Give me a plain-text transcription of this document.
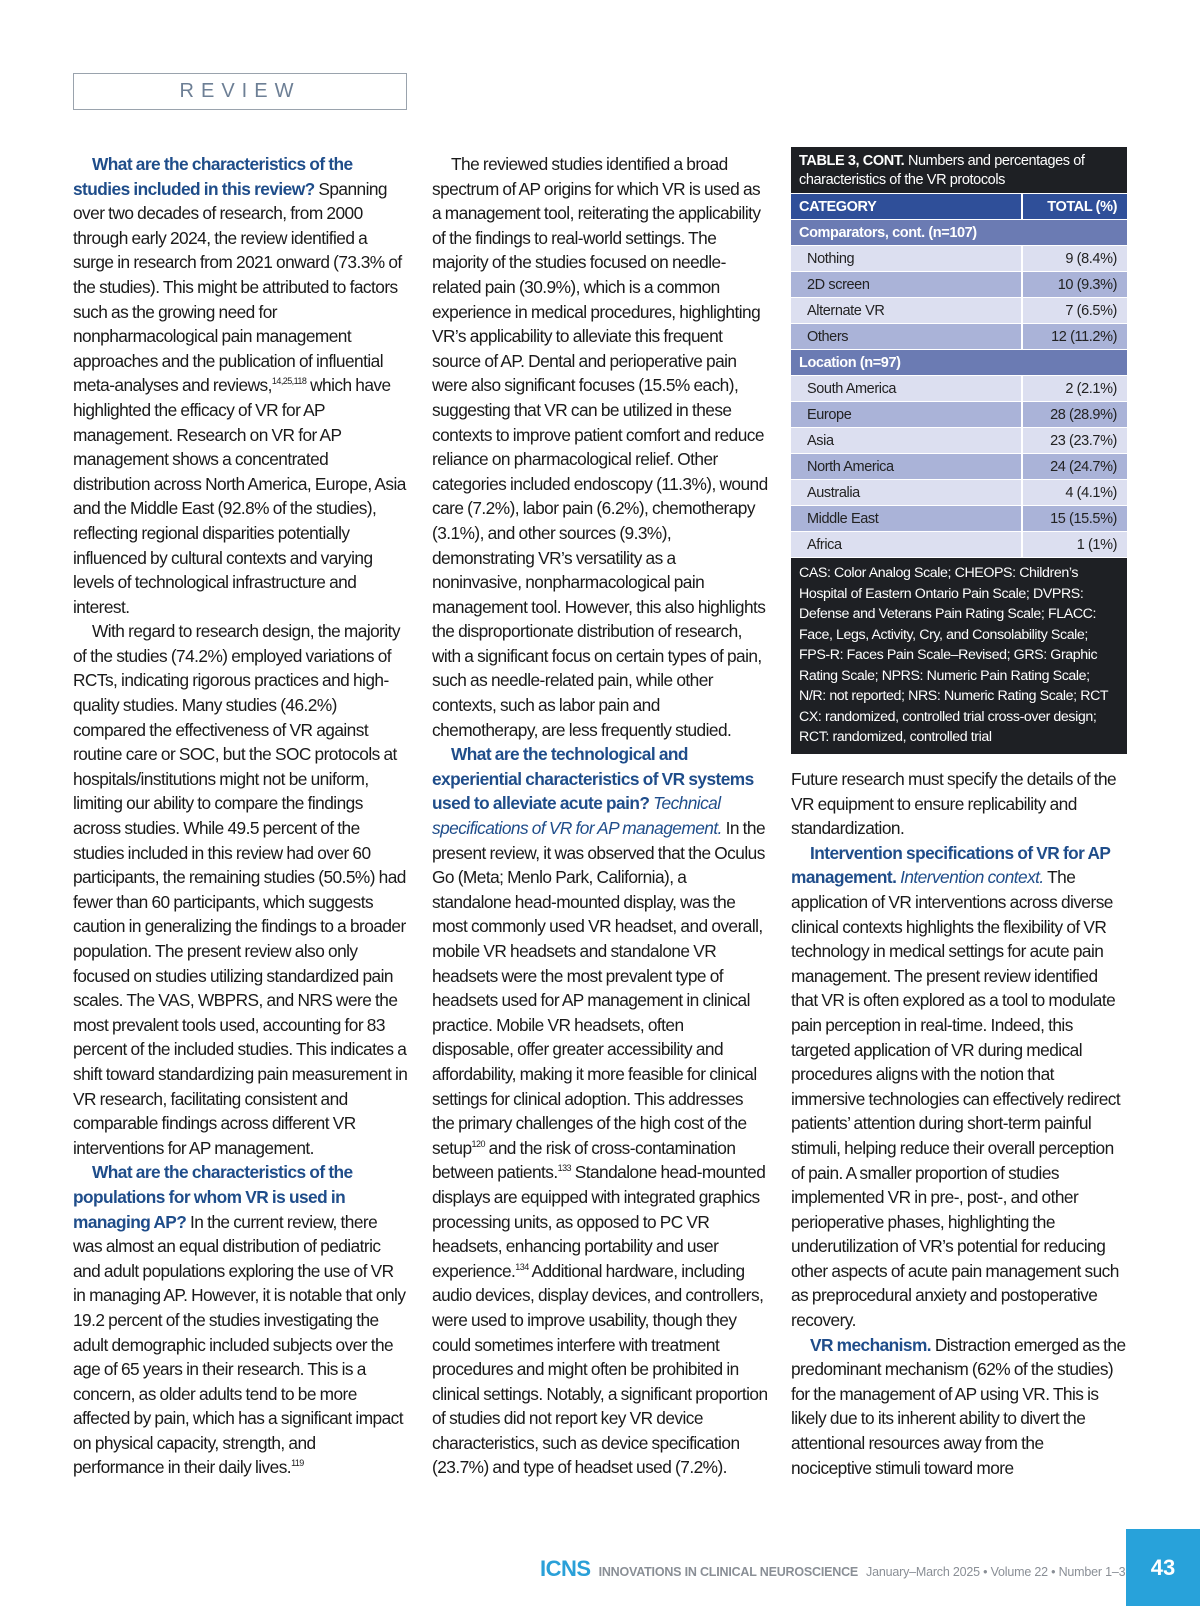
REVIEW

What are the characteristics of the studies included in this review? Spanning over two decades of research, from 2000 through early 2024, the review identified a surge in research from 2021 onward (73.3% of the studies). This might be attributed to factors such as the growing need for nonpharmacological pain management approaches and the publication of influential meta-analyses and reviews,$^{14,25,118}$ which have highlighted the efficacy of VR for AP management. Research on VR for AP management shows a concentrated distribution across North America, Europe, Asia and the Middle East (92.8% of the studies), reflecting regional disparities potentially influenced by cultural contexts and varying levels of technological infrastructure and interest.

With regard to research design, the majority of the studies (74.2%) employed variations of RCTs, indicating rigorous practices and high-quality studies. Many studies (46.2%) compared the effectiveness of VR against routine care or SOC, but the SOC protocols at hospitals/institutions might not be uniform, limiting our ability to compare the findings across studies. While 49.5 percent of the studies included in this review had over 60 participants, the remaining studies (50.5%) had fewer than 60 participants, which suggests caution in generalizing the findings to a broader population. The present review also only focused on studies utilizing standardized pain scales. The VAS, WBPRS, and NRS were the most prevalent tools used, accounting for 83 percent of the included studies. This indicates a shift toward standardizing pain measurement in VR research, facilitating consistent and comparable findings across different VR interventions for AP management.

What are the characteristics of the populations for whom VR is used in managing AP? In the current review, there was almost an equal distribution of pediatric and adult populations exploring the use of VR in managing AP. However, it is notable that only 19.2 percent of the studies investigating the adult demographic included subjects over the age of 65 years in their research. This is a concern, as older adults tend to be more affected by pain, which has a significant impact on physical capacity, strength, and performance in their daily lives.$^{119}$

The reviewed studies identified a broad spectrum of AP origins for which VR is used as a management tool, reiterating the applicability of the findings to real-world settings. The majority of the studies focused on needle-related pain (30.9%), which is a common experience in medical procedures, highlighting VR’s applicability to alleviate this frequent source of AP. Dental and perioperative pain were also significant focuses (15.5% each), suggesting that VR can be utilized in these contexts to improve patient comfort and reduce reliance on pharmacological relief. Other categories included endoscopy (11.3%), wound care (7.2%), labor pain (6.2%), chemotherapy (3.1%), and other sources (9.3%), demonstrating VR’s versatility as a noninvasive, nonpharmacological pain management tool. However, this also highlights the disproportionate distribution of research, with a significant focus on certain types of pain, such as needle-related pain, while other contexts, such as labor pain and chemotherapy, are less frequently studied.

What are the technological and experiential characteristics of VR systems used to alleviate acute pain? Technical specifications of VR for AP management. In the present review, it was observed that the Oculus Go (Meta; Menlo Park, California), a standalone head-mounted display, was the most commonly used VR headset, and overall, mobile VR headsets and standalone VR headsets were the most prevalent type of headsets used for AP management in clinical practice. Mobile VR headsets, often disposable, offer greater accessibility and affordability, making it more feasible for clinical settings for clinical adoption. This addresses the primary challenges of the high cost of the setup$^{120}$ and the risk of cross-contamination between patients.$^{133}$ Standalone head-mounted displays are equipped with integrated graphics processing units, as opposed to PC VR headsets, enhancing portability and user experience.$^{134}$ Additional hardware, including audio devices, display devices, and controllers, were used to improve usability, though they could sometimes interfere with treatment procedures and might often be prohibited in clinical settings. Notably, a significant proportion of studies did not report key VR device characteristics, such as device specification (23.7%) and type of headset used (7.2%).

TABLE 3, CONT. Numbers and percentages of characteristics of the VR protocols
CATEGORY	TOTAL (%)
Comparators, cont. (n=107)
Nothing	9 (8.4%)
2D screen	10 (9.3%)
Alternate VR	7 (6.5%)
Others	12 (11.2%)
Location (n=97)
South America	2 (2.1%)
Europe	28 (28.9%)
Asia	23 (23.7%)
North America	24 (24.7%)
Australia	4 (4.1%)
Middle East	15 (15.5%)
Africa	1 (1%)
CAS: Color Analog Scale; CHEOPS: Children’s Hospital of Eastern Ontario Pain Scale; DVPRS: Defense and Veterans Pain Rating Scale; FLACC: Face, Legs, Activity, Cry, and Consolability Scale; FPS-R: Faces Pain Scale–Revised; GRS: Graphic Rating Scale; NPRS: Numeric Pain Rating Scale; N/R: not reported; NRS: Numeric Rating Scale; RCT CX: randomized, controlled trial cross-over design; RCT: randomized, controlled trial

Future research must specify the details of the VR equipment to ensure replicability and standardization.

Intervention specifications of VR for AP management. Intervention context. The application of VR interventions across diverse clinical contexts highlights the flexibility of VR technology in medical settings for acute pain management. The present review identified that VR is often explored as a tool to modulate pain perception in real-time. Indeed, this targeted application of VR during medical procedures aligns with the notion that immersive technologies can effectively redirect patients’ attention during short-term painful stimuli, helping reduce their overall perception of pain. A smaller proportion of studies implemented VR in pre-, post-, and other perioperative phases, highlighting the underutilization of VR’s potential for reducing other aspects of acute pain management such as preprocedural anxiety and postoperative recovery.

VR mechanism. Distraction emerged as the predominant mechanism (62% of the studies) for the management of AP using VR. This is likely due to its inherent ability to divert the attentional resources away from the nociceptive stimuli toward more

ICNS INNOVATIONS IN CLINICAL NEUROSCIENCE January–March 2025 • Volume 22 • Number 1–3	43
